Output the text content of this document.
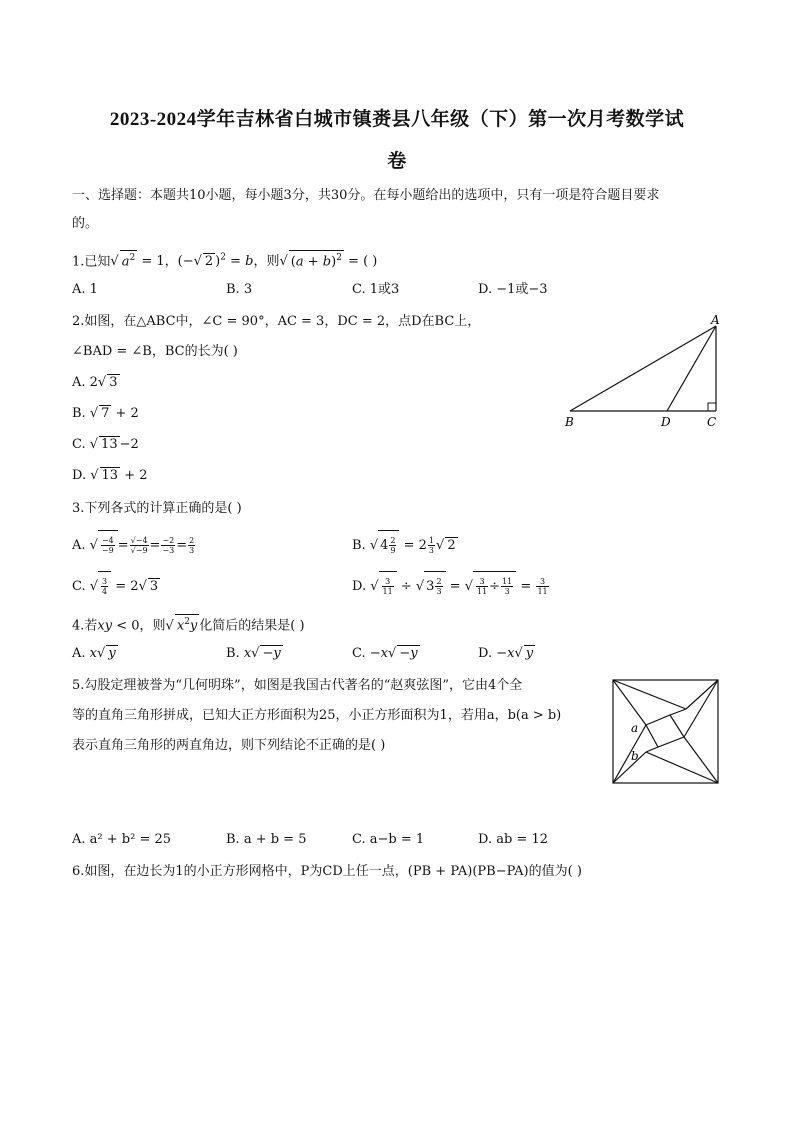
2023-2024学年吉林省白城市镇赉县八年级（下）第一次月考数学试
卷
一、选择题：本题共10小题，每小题3分，共30分。在每小题给出的选项中，只有一项是符合题目要求
的。
1.已知√ $a^2 = 1$，(−√ 2 )$^2$ = b，则√ $(a + b)^2$ = ( )
A. 1	B. 3	C. 1或3	D. −1或−3
2.如图，在△ABC中，∠C = 90°，AC = 3，DC = 2，点D在BC上，
∠BAD = ∠B，BC的长为( )
A. 2√ 3
B. √ 7 + 2
C. √ 13 −2
D. √ 13 + 2
A
B	D	C
3.下列各式的计算正确的是( )
A. √ $\frac{-4}{-9} = \frac{√-4}{√-9} = \frac{-2}{-3} = \frac{2}{3}$	B. √ $4 \frac{2}{9} = 2 \frac{1}{3}$ √ 2
C. √ $\frac{3}{4} = 2√$ 3	D. √ $\frac{3}{11}$ ÷ √ $3 \frac{2}{3}$ = √ $\frac{3}{11} \div \frac{11}{3} = \frac{3}{11}$
4.若xy < 0，则√ $x^2y$ 化简后的结果是( )
A. x√ y	B. x√ −y	C. −x√ −y	D. −x√ y
5.勾股定理被誉为“几何明珠”，如图是我国古代著名的“赵爽弦图”，它由4个全
等的直角三角形拼成，已知大正方形面积为25，小正方形面积为1，若用a，b(a > b)
表示直角三角形的两直角边，则下列结论不正确的是( )
a
b
A. a² + b² = 25	B. a + b = 5	C. a−b = 1	D. ab = 12
6.如图，在边长为1的小正方形网格中，P为CD上任一点，(PB + PA)(PB−PA)的值为( )
